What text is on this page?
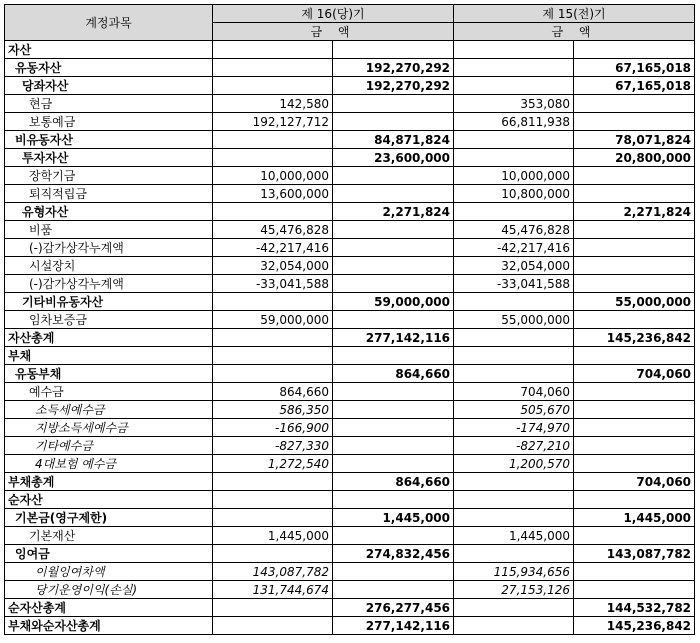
계정과목	제 16(당)기		제 15(전)기	
	금 액		금 액	
자산				
유동자산		192,270,292		67,165,018
당좌자산		192,270,292		67,165,018
현금	142,580		353,080	
보통예금	192,127,712		66,811,938	
비유동자산		84,871,824		78,071,824
투자자산		23,600,000		20,800,000
장학기금	10,000,000		10,000,000	
퇴직적립금	13,600,000		10,800,000	
유형자산		2,271,824		2,271,824
비품	45,476,828		45,476,828	
(-)감가상각누계액	-42,217,416		-42,217,416	
시설장치	32,054,000		32,054,000	
(-)감가상각누계액	-33,041,588		-33,041,588	
기타비유동자산		59,000,000		55,000,000
임차보증금	59,000,000		55,000,000	
자산총계		277,142,116		145,236,842
부채				
유동부채		864,660		704,060
예수금	864,660		704,060	
소득세예수금	586,350		505,670	
지방소득세예수금	-166,900		-174,970	
기타예수금	-827,330		-827,210	
4대보험 예수금	1,272,540		1,200,570	
부채총계		864,660		704,060
순자산				
기본금(영구제한)		1,445,000		1,445,000
기본재산	1,445,000		1,445,000	
잉여금		274,832,456		143,087,782
이월잉여차액	143,087,782		115,934,656	
당기운영이익(손실)	131,744,674		27,153,126	
순자산총계		276,277,456		144,532,782
부채와순자산총계		277,142,116		145,236,842
